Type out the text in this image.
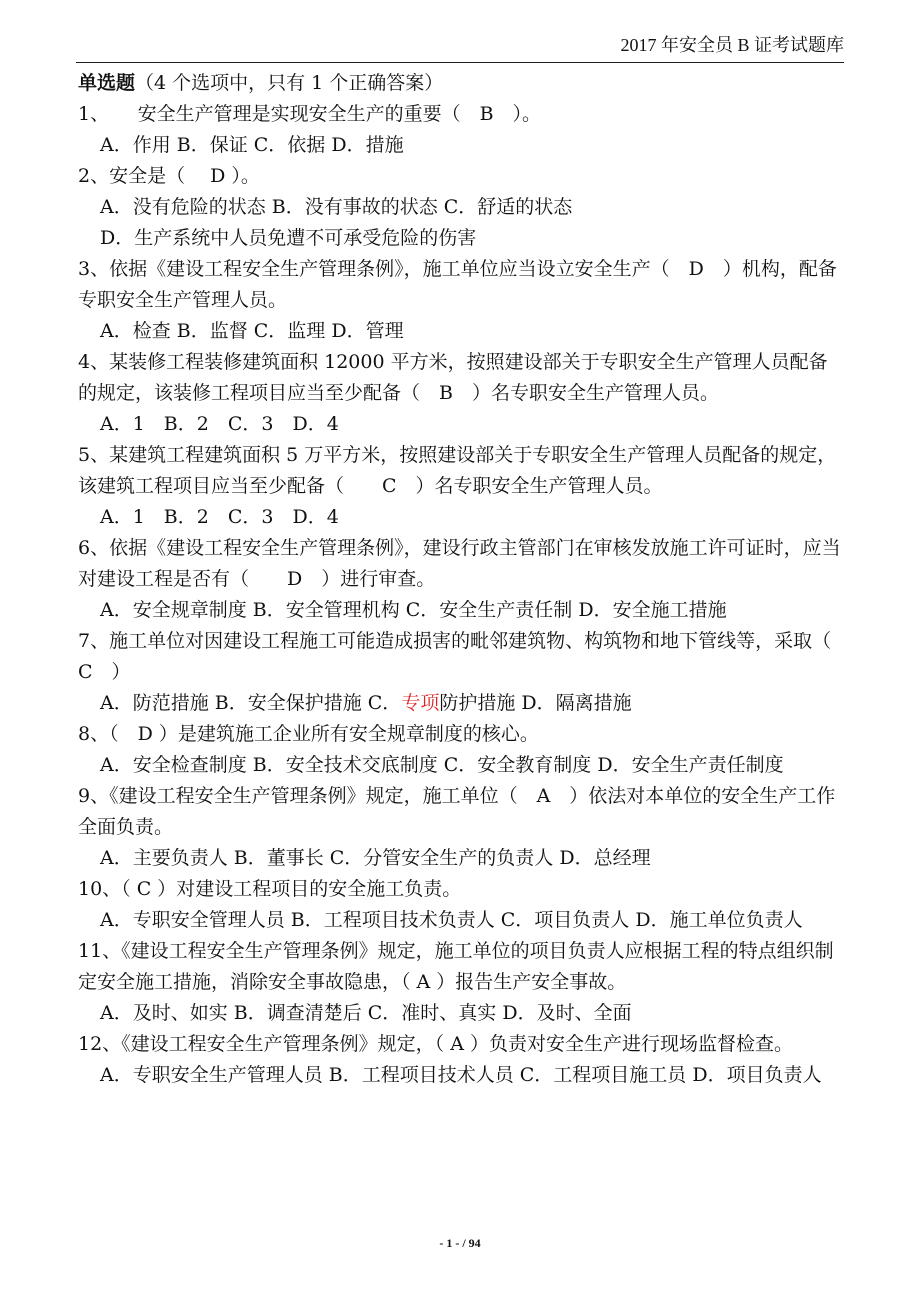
2017 年安全员 B 证考试题库
单选题（4 个选项中，只有 1 个正确答案）
1、　　安全生产管理是实现安全生产的重要（　B　）。
A．作用 B．保证 C．依据 D．措施
2、安全是（　 D ）。
A．没有危险的状态 B．没有事故的状态 C．舒适的状态
D．生产系统中人员免遭不可承受危险的伤害
3、依据《建设工程安全生产管理条例》，施工单位应当设立安全生产（　D　）机构，配备专职安全生产管理人员。
A．检查 B．监督 C．监理 D．管理
4、某装修工程装修建筑面积 12000 平方米，按照建设部关于专职安全生产管理人员配备的规定，该装修工程项目应当至少配备（　B　）名专职安全生产管理人员。
A．1　B．2　C．3　D．4
5、某建筑工程建筑面积 5 万平方米，按照建设部关于专职安全生产管理人员配备的规定，该建筑工程项目应当至少配备（　　C　）名专职安全生产管理人员。
A．1　B．2　C．3　D．4
6、依据《建设工程安全生产管理条例》，建设行政主管部门在审核发放施工许可证时，应当对建设工程是否有（　　D　）进行审查。
A．安全规章制度 B．安全管理机构 C．安全生产责任制 D．安全施工措施
7、施工单位对因建设工程施工可能造成损害的毗邻建筑物、构筑物和地下管线等，采取（　C　）
A．防范措施 B．安全保护措施 C．专项防护措施 D．隔离措施
8、（　D ）是建筑施工企业所有安全规章制度的核心。
A．安全检查制度 B．安全技术交底制度 C．安全教育制度 D．安全生产责任制度
9、《建设工程安全生产管理条例》规定，施工单位（　A　）依法对本单位的安全生产工作全面负责。
A．主要负责人 B．董事长 C．分管安全生产的负责人 D．总经理
10、（ C ）对建设工程项目的安全施工负责。
A．专职安全管理人员 B．工程项目技术负责人 C．项目负责人 D．施工单位负责人
11、《建设工程安全生产管理条例》规定，施工单位的项目负责人应根据工程的特点组织制定安全施工措施，消除安全事故隐患，（ A ）报告生产安全事故。
A．及时、如实 B．调查清楚后 C．准时、真实 D．及时、全面
12、《建设工程安全生产管理条例》规定，（ A ）负责对安全生产进行现场监督检查。
A．专职安全生产管理人员 B．工程项目技术人员 C．工程项目施工员 D．项目负责人
- 1 - / 94
